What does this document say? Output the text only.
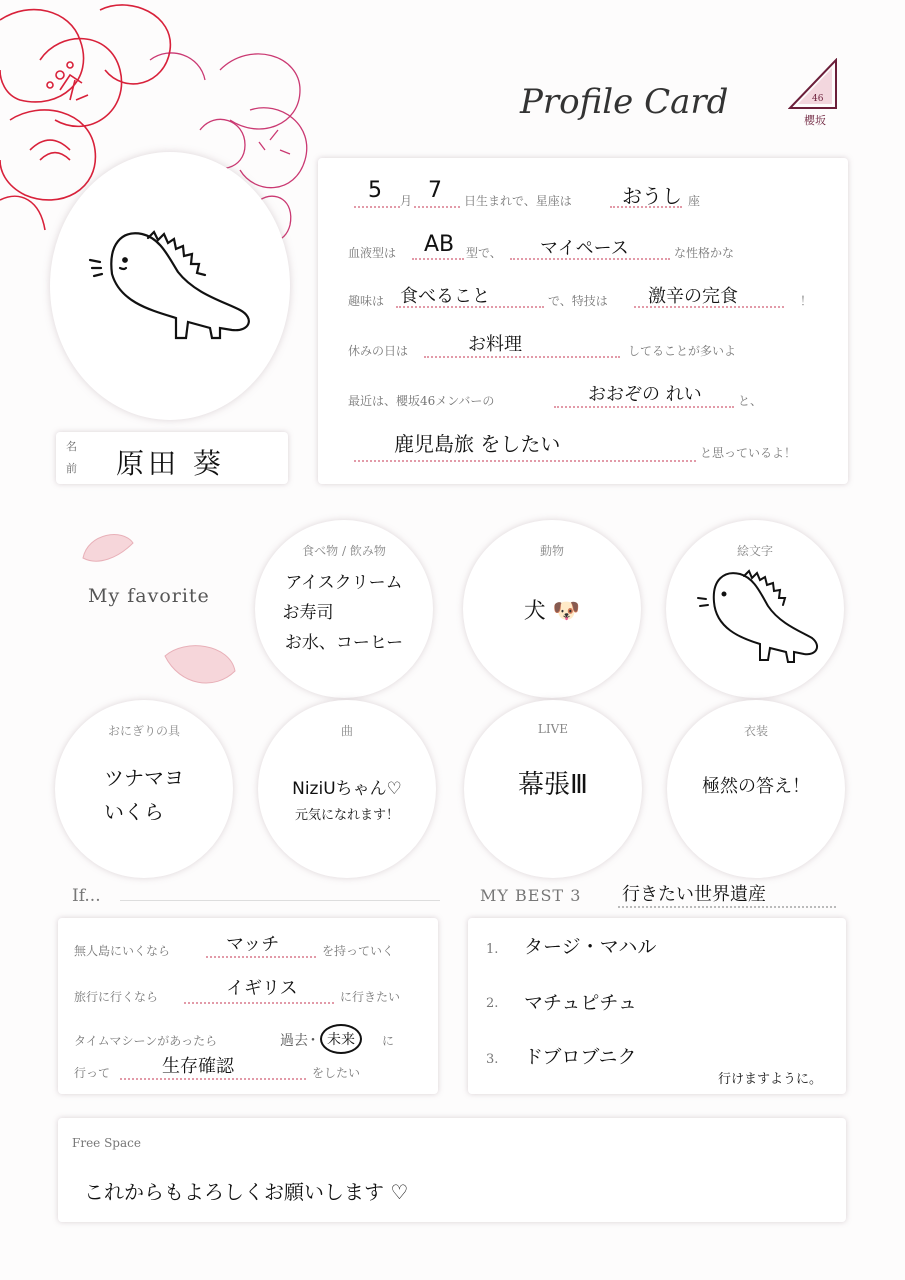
Profile Card	46
櫻坂
名
前 原田 葵
5 月 7 日生まれで、星座は	おうし 座
血液型は AB 型で、 マイペース	な性格かな
趣味は 食べること	で、特技は 激辛の完食	！
休みの日は	お料理	してることが多いよ
最近は、櫻坂46メンバーの	おおぞの れい	と、
鹿児島旅 をしたい	と思っているよ！
My favorite
食べ物 / 飲み物
アイスクリーム
お寿司
お水、コーヒー
動物
犬 🐶
絵文字
おにぎりの具
ツナマヨ
いくら
曲
NiziUちゃん♡
元気になれます！
LIVE
幕張Ⅲ
衣装
極然の答え！
If...
無人島にいくなら	マッチ	を持っていく
旅行に行くなら	イギリス	に行きたい
タイムマシーンがあったら	過去
・ 未来	に
行って	生存確認	をしたい
MY BEST 3 行きたい世界遺産
1. タージ・マハル
2. マチュピチュ
3. ドブロブニク
行けますように。
Free Space
これからもよろしくお願いします ♡
